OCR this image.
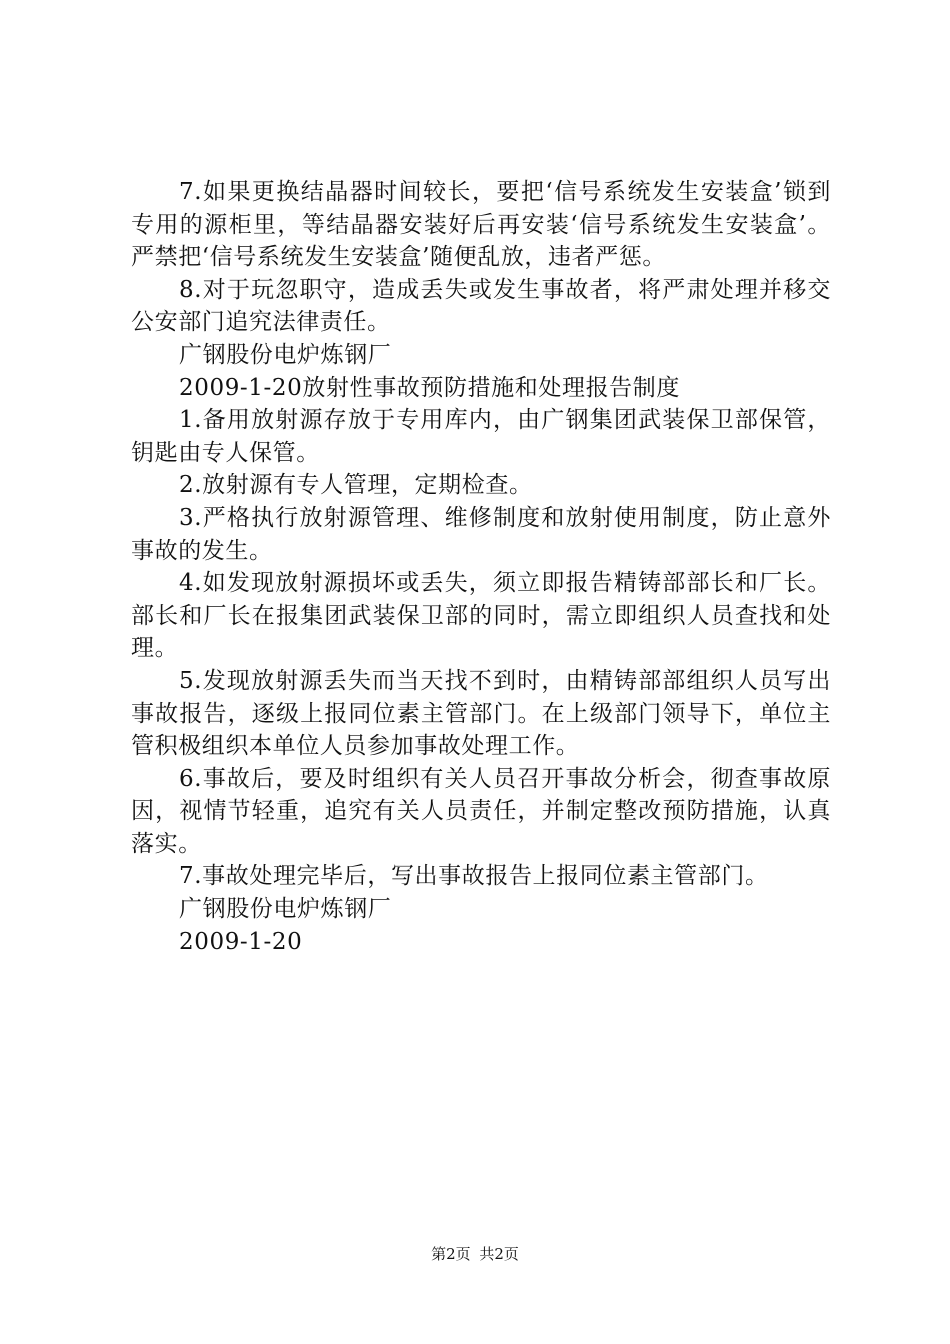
7.如果更换结晶器时间较长，要把‘信号系统发生安装盒’锁到专用的源柜里，等结晶器安装好后再安装‘信号系统发生安装盒’。严禁把‘信号系统发生安装盒’随便乱放，违者严惩。

8.对于玩忽职守，造成丢失或发生事故者，将严肃处理并移交公安部门追究法律责任。

广钢股份电炉炼钢厂

2009-1-20放射性事故预防措施和处理报告制度

1.备用放射源存放于专用库内，由广钢集团武装保卫部保管，钥匙由专人保管。

2.放射源有专人管理，定期检查。

3.严格执行放射源管理、维修制度和放射使用制度，防止意外事故的发生。

4.如发现放射源损坏或丢失，须立即报告精铸部部长和厂长。部长和厂长在报集团武装保卫部的同时，需立即组织人员查找和处理。

5.发现放射源丢失而当天找不到时，由精铸部部组织人员写出事故报告，逐级上报同位素主管部门。在上级部门领导下，单位主管积极组织本单位人员参加事故处理工作。

6.事故后，要及时组织有关人员召开事故分析会，彻查事故原因，视情节轻重，追究有关人员责任，并制定整改预防措施，认真落实。

7.事故处理完毕后，写出事故报告上报同位素主管部门。

广钢股份电炉炼钢厂

2009-1-20

第2页 共2页
